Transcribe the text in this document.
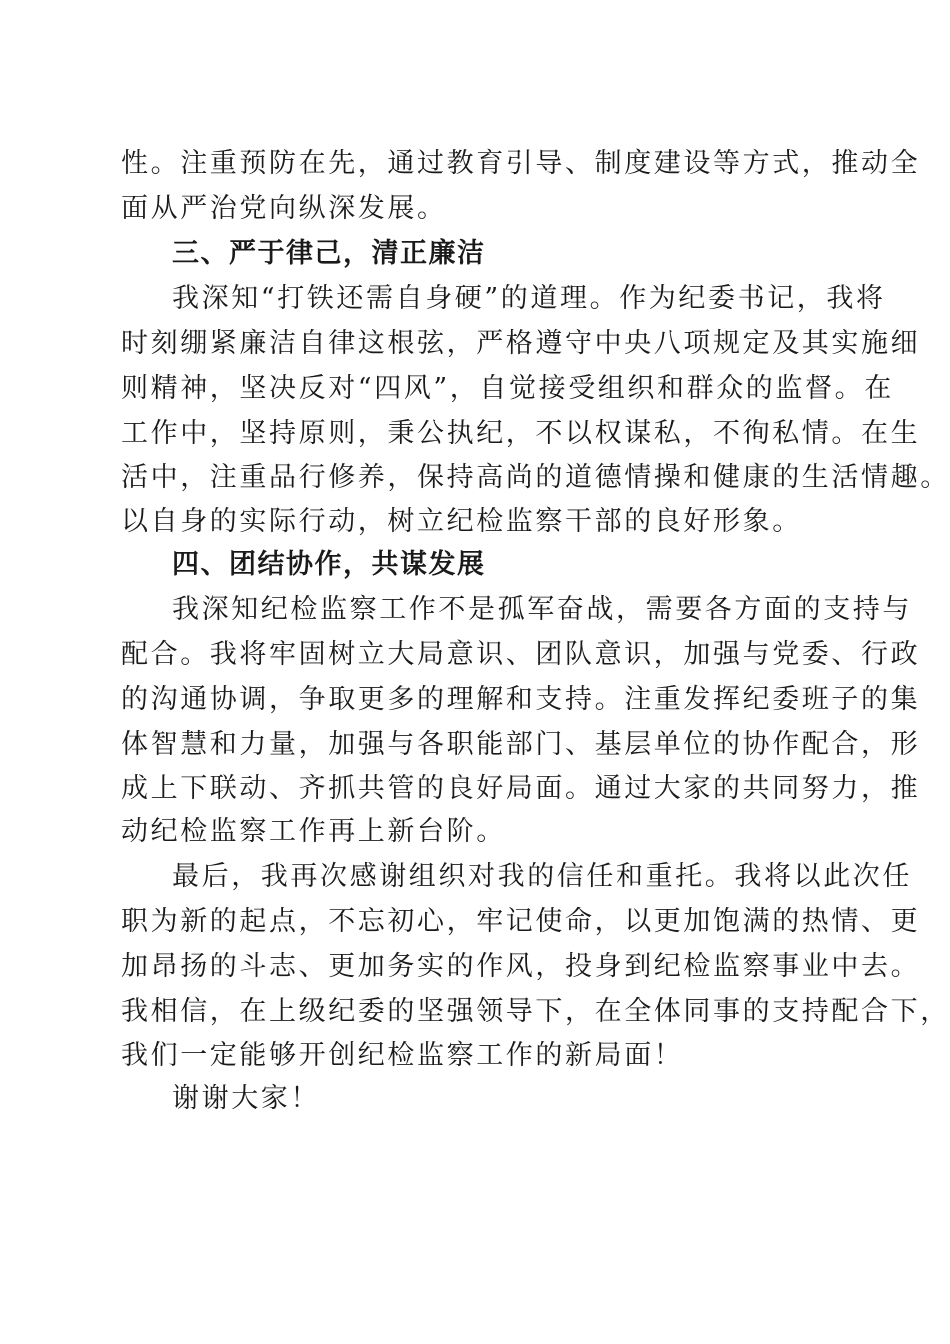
性。注重预防在先，通过教育引导、制度建设等方式，推动全
面从严治党向纵深发展。
三、严于律己，清正廉洁
我深知“打铁还需自身硬”的道理。作为纪委书记，我将
时刻绷紧廉洁自律这根弦，严格遵守中央八项规定及其实施细
则精神，坚决反对“四风”，自觉接受组织和群众的监督。在
工作中，坚持原则，秉公执纪，不以权谋私，不徇私情。在生
活中，注重品行修养，保持高尚的道德情操和健康的生活情趣。
以自身的实际行动，树立纪检监察干部的良好形象。
四、团结协作，共谋发展
我深知纪检监察工作不是孤军奋战，需要各方面的支持与
配合。我将牢固树立大局意识、团队意识，加强与党委、行政
的沟通协调，争取更多的理解和支持。注重发挥纪委班子的集
体智慧和力量，加强与各职能部门、基层单位的协作配合，形
成上下联动、齐抓共管的良好局面。通过大家的共同努力，推
动纪检监察工作再上新台阶。
最后，我再次感谢组织对我的信任和重托。我将以此次任
职为新的起点，不忘初心，牢记使命，以更加饱满的热情、更
加昂扬的斗志、更加务实的作风，投身到纪检监察事业中去。
我相信，在上级纪委的坚强领导下，在全体同事的支持配合下，
我们一定能够开创纪检监察工作的新局面！
谢谢大家！
